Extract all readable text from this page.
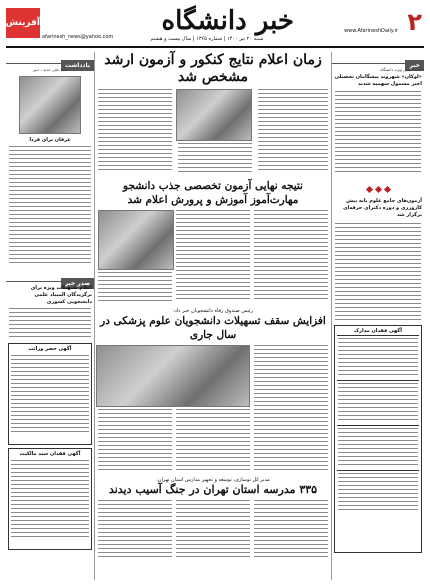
۲
www.AfarineshDaily.ir
خبر دانشگاه
شنبه ۲۰ تیر ۱۴۰۰ | شماره ۱۳۶۵ | سال بیست و هشتم
afarinesh_news@yahoo.com
آفرینش
خبر
نسخه چاپی ویژه دانشگاه
«لوکان» شهروند پیشگامان تحصیلی اخیر مشمول سهمیه شدند
آزمون‌های جامع علوم پایه پیش کارورزی و دوره دکترای حرفه‌ای برگزار شد
آگهی فقدان مدارک
زمان اعلام نتایج کنکور و آزمون ارشد مشخص شد
نتیجه نهایی آزمون تخصصی جذب دانشجو مهارت‌آموز آموزش و پرورش اعلام شد
رئیس صندوق رفاه دانشجویان خبر داد:
افزایش سقف تسهیلات دانشجویان علوم پزشکی در سال جاری
مدیر کل نوسازی، توسعه و تجهیز مدارس استان تهران:
۳۳۵ مدرسه استان تهران در جنگ آسیب دیدند
یادداشت
سید علی جدید ـ دبیر
عرفان برای فردا
صدر خبر
اعلام تسهیلات ویژه برای برگزیدگان المپیاد علمی دانشجویی کشوری
آگهی حصر وراثت
آگهی فقدان سند مالکیت
